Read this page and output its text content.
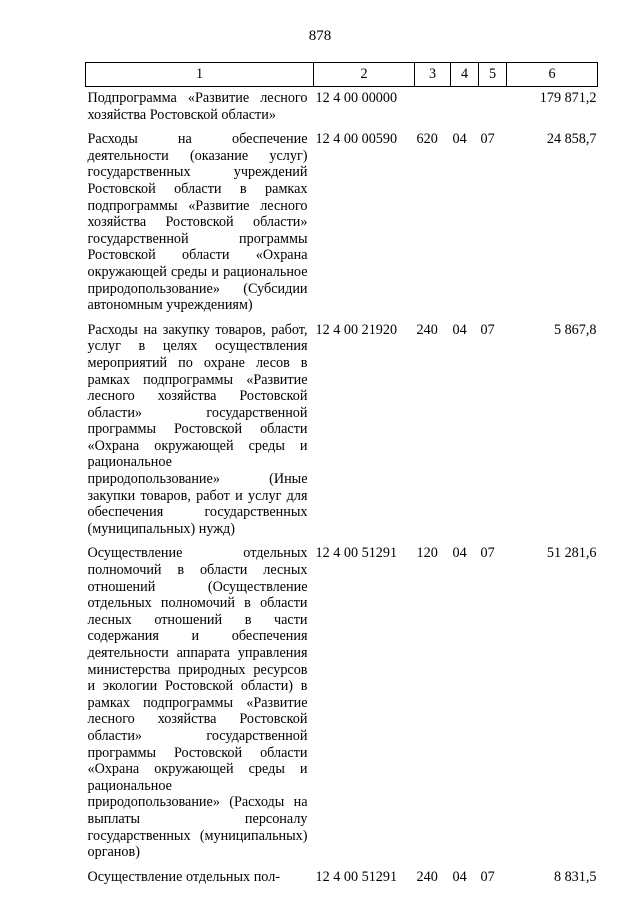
878
1	2	3	4	5	6
Подпрограмма «Развитие лесного хозяйства Ростовской области»	12 4 00 00000				179 871,2
Расходы на обеспечение деятельности (оказание услуг) государственных учреждений Ростовской области в рамках подпрограммы «Развитие лесного хозяйства Ростовской области» государственной программы Ростовской области «Охрана окружающей среды и рациональное природопользование» (Субсидии автономным учреждениям)	12 4 00 00590	620	04	07	24 858,7
Расходы на закупку товаров, работ, услуг в целях осуществления мероприятий по охране лесов в рамках подпрограммы «Развитие лесного хозяйства Ростовской области» государственной программы Ростовской области «Охрана окружающей среды и рациональное природопользование» (Иные закупки товаров, работ и услуг для обеспечения государственных (муниципальных) нужд)	12 4 00 21920	240	04	07	5 867,8
Осуществление отдельных полномочий в области лесных отношений (Осуществление отдельных полномочий в области лесных отношений в части содержания и обеспечения деятельности аппарата управления министерства природных ресурсов и экологии Ростовской области) в рамках подпрограммы «Развитие лесного хозяйства Ростовской области» государственной программы Ростовской области «Охрана окружающей среды и рациональное природопользование» (Расходы на выплаты персоналу государственных (муниципальных) органов)	12 4 00 51291	120	04	07	51 281,6
Осуществление отдельных пол-	12 4 00 51291	240	04	07	8 831,5
